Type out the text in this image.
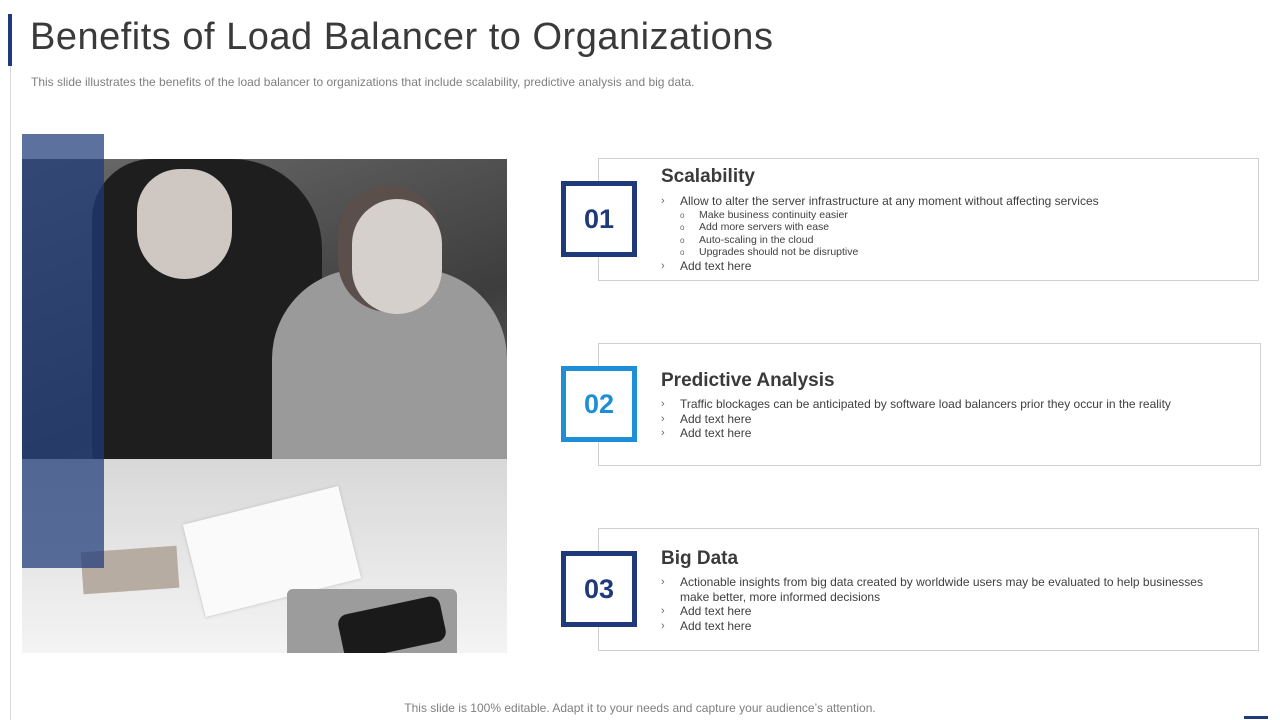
Benefits of Load Balancer to Organizations

This slide illustrates the benefits of the load balancer to organizations that include scalability, predictive analysis and big data.

Scalability
› Allow to alter the server infrastructure at any moment without affecting services
o Make business continuity easier
o Add more servers with ease
o Auto-scaling in the cloud
o Upgrades should not be disruptive
› Add text here
01
Predictive Analysis
› Traffic blockages can be anticipated by software load balancers prior they occur in the reality
› Add text here
› Add text here
02
Big Data
› Actionable insights from big data created by worldwide users may be evaluated to help businesses make better, more informed decisions
› Add text here
› Add text here
03
This slide is 100% editable. Adapt it to your needs and capture your audience’s attention.
